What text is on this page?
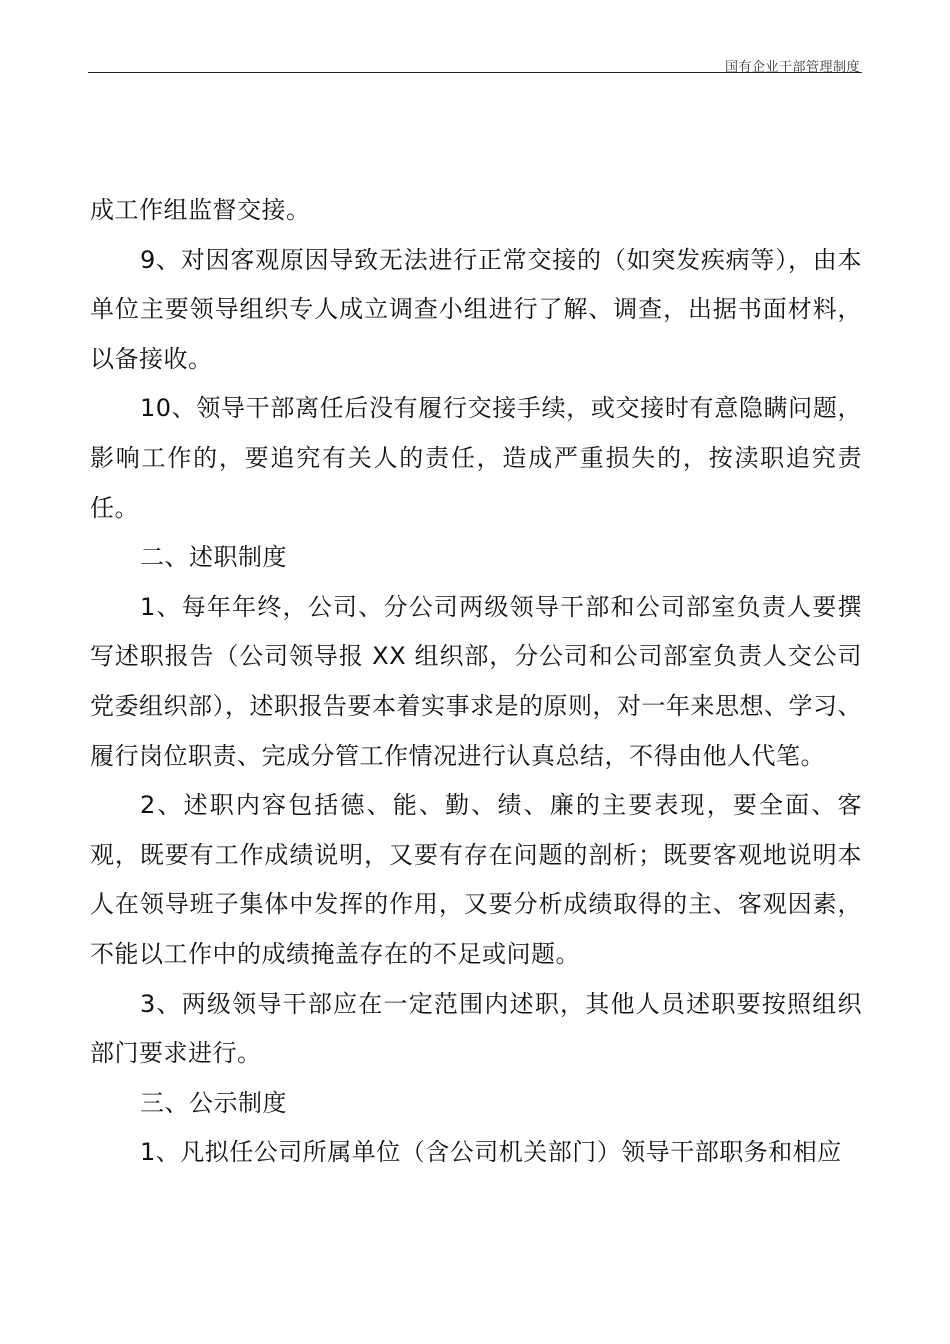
国有企业干部管理制度

成工作组监督交接。

9、对因客观原因导致无法进行正常交接的（如突发疾病等），由本单位主要领导组织专人成立调查小组进行了解、调查，出据书面材料，以备接收。

10、领导干部离任后没有履行交接手续，或交接时有意隐瞒问题，影响工作的，要追究有关人的责任，造成严重损失的，按渎职追究责任。

二、述职制度

1、每年年终，公司、分公司两级领导干部和公司部室负责人要撰写述职报告（公司领导报 XX 组织部，分公司和公司部室负责人交公司党委组织部），述职报告要本着实事求是的原则，对一年来思想、学习、履行岗位职责、完成分管工作情况进行认真总结，不得由他人代笔。

2、述职内容包括德、能、勤、绩、廉的主要表现，要全面、客观，既要有工作成绩说明，又要有存在问题的剖析；既要客观地说明本人在领导班子集体中发挥的作用，又要分析成绩取得的主、客观因素，不能以工作中的成绩掩盖存在的不足或问题。

3、两级领导干部应在一定范围内述职，其他人员述职要按照组织部门要求进行。

三、公示制度

1、凡拟任公司所属单位（含公司机关部门）领导干部职务和相应
